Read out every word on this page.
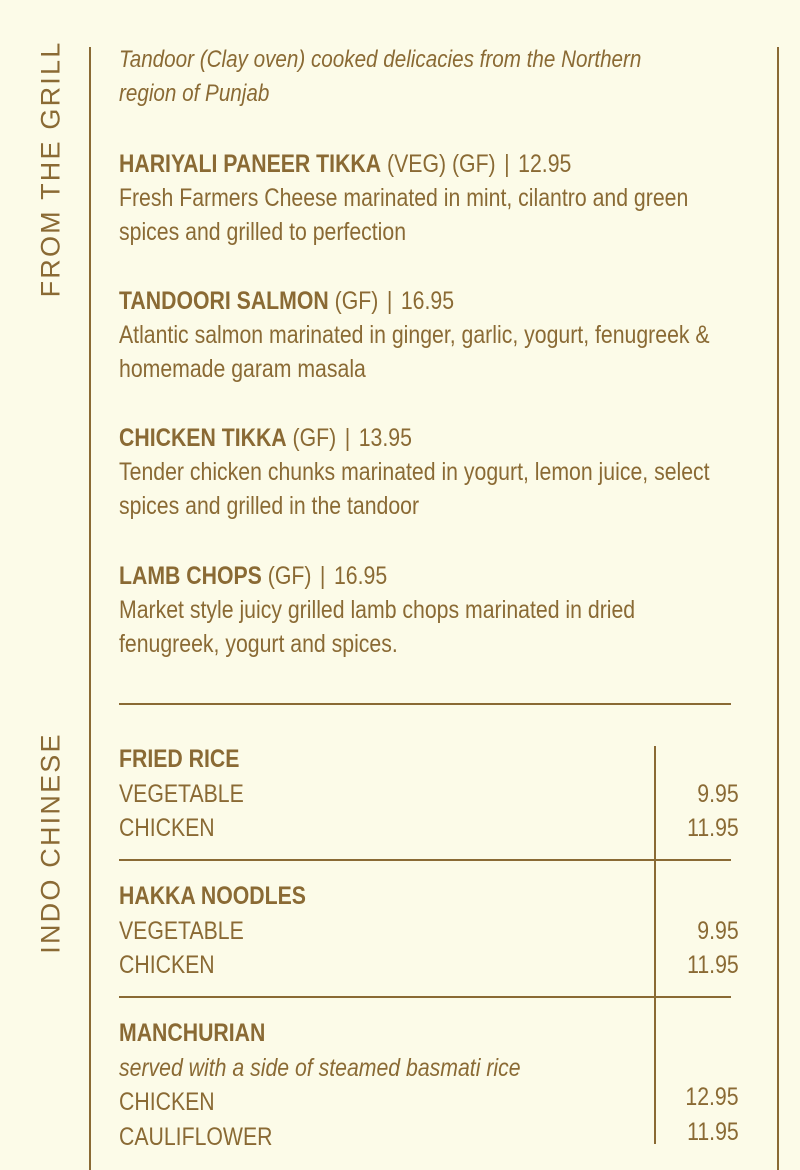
FROM THE GRILL
INDO CHINESE
Tandoor (Clay oven) cooked delicacies from the Northern region of Punjab
HARIYALI PANEER TIKKA (VEG) (GF) | 12.95
Fresh Farmers Cheese marinated in mint, cilantro and green spices and grilled to perfection
TANDOORI SALMON (GF) | 16.95
Atlantic salmon marinated in ginger, garlic, yogurt, fenugreek & homemade garam masala
CHICKEN TIKKA (GF) | 13.95
Tender chicken chunks marinated in yogurt, lemon juice, select spices and grilled in the tandoor
LAMB CHOPS (GF) | 16.95
Market style juicy grilled lamb chops marinated in dried fenugreek, yogurt and spices.
FRIED RICE
VEGETABLE	9.95
CHICKEN	11.95
HAKKA NOODLES
VEGETABLE	9.95
CHICKEN	11.95
MANCHURIAN
served with a side of steamed basmati rice
CHICKEN	12.95
CAULIFLOWER	11.95
